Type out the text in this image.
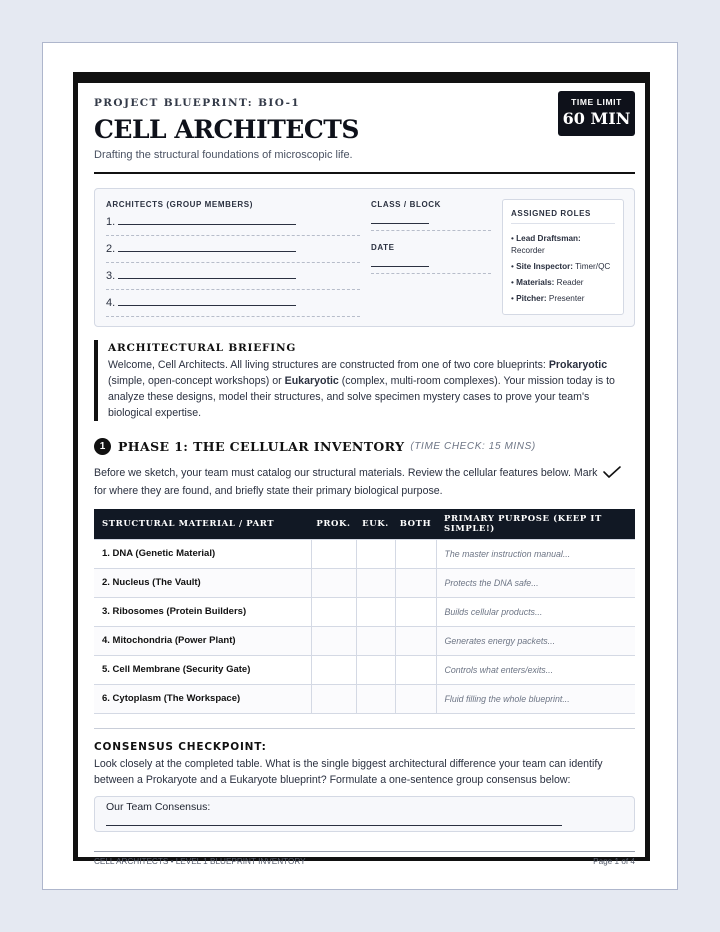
PROJECT BLUEPRINT: BIO-1
CELL ARCHITECTS
Drafting the structural foundations of microscopic life.
TIME LIMIT
60 MIN
ARCHITECTS (GROUP MEMBERS)
1.
2.
3.
4.
CLASS / BLOCK
DATE
ASSIGNED ROLES
• Lead Draftsman:
Recorder
• Site Inspector: Timer/QC
• Materials: Reader
• Pitcher: Presenter
ARCHITECTURAL BRIEFING
Welcome, Cell Architects. All living structures are constructed from one of two core blueprints: Prokaryotic (simple, open-concept workshops) or Eukaryotic (complex, multi-room complexes). Your mission today is to analyze these designs, model their structures, and solve specimen mystery cases to prove your team's biological expertise.
1	PHASE 1: THE CELLULAR INVENTORY (TIME CHECK: 15 MINS)
Before we sketch, your team must catalog our structural materials. Review the cellular features below. Mark  for where they are found, and briefly state their primary biological purpose.
STRUCTURAL MATERIAL / PART	PROK.	EUK.	BOTH	PRIMARY PURPOSE (KEEP IT SIMPLE!)
1. DNA (Genetic Material)				The master instruction manual...
2. Nucleus (The Vault)				Protects the DNA safe...
3. Ribosomes (Protein Builders)				Builds cellular products...
4. Mitochondria (Power Plant)				Generates energy packets...
5. Cell Membrane (Security Gate)				Controls what enters/exits...
6. Cytoplasm (The Workspace)				Fluid filling the whole blueprint...
CONSENSUS CHECKPOINT:
Look closely at the completed table. What is the single biggest architectural difference your team can identify between a Prokaryote and a Eukaryote blueprint? Formulate a one-sentence group consensus below:
Our Team Consensus:
CELL ARCHITECTS • LEVEL 1 BLUEPRINT INVENTORY	Page 1 of 4
